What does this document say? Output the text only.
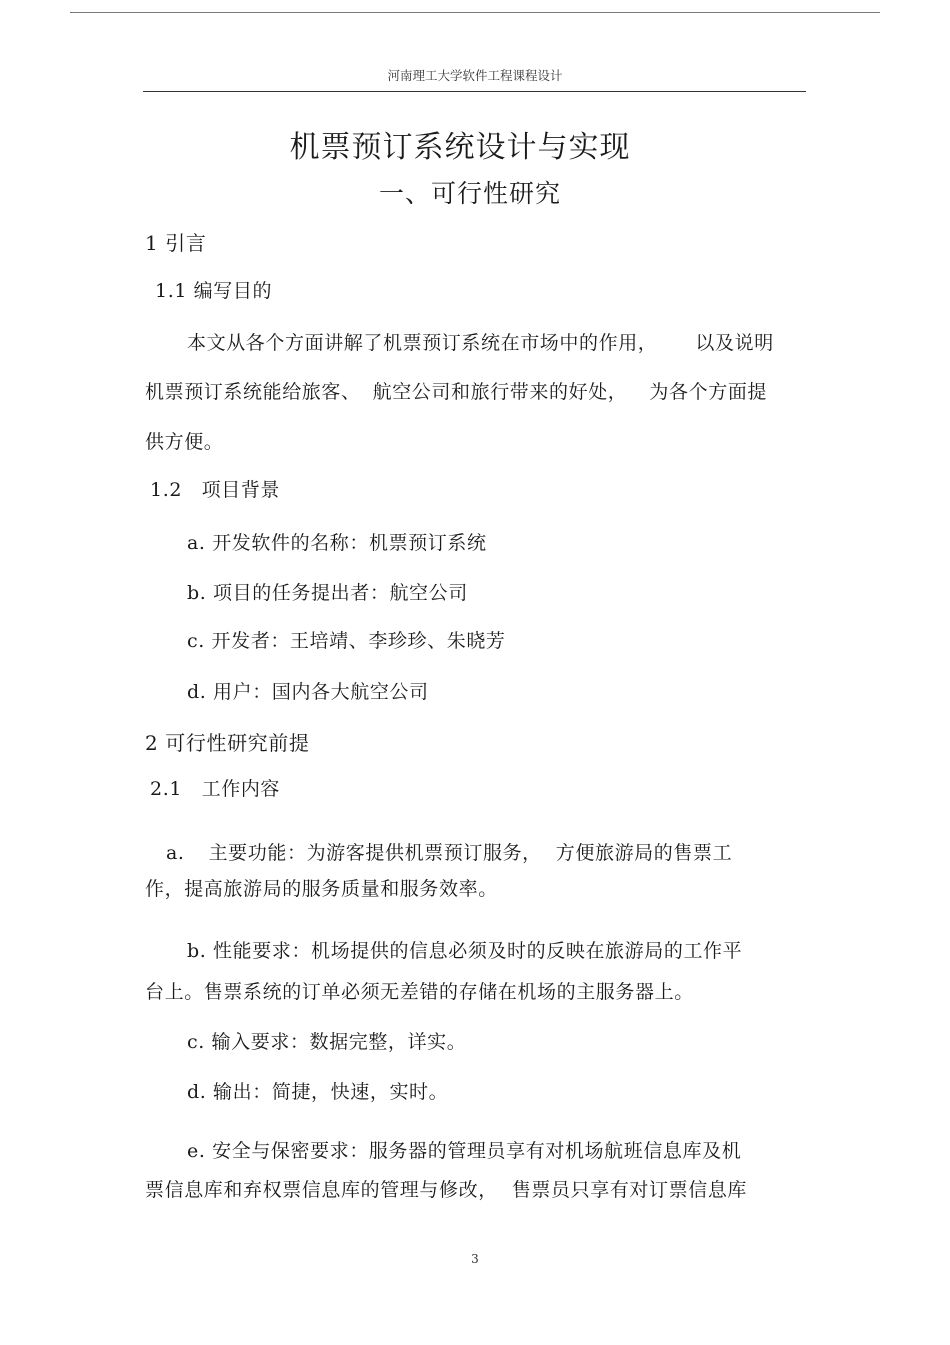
河南理工大学软件工程课程设计
机票预订系统设计与实现
一、可行性研究
1 引言
1.1 编写目的
本文从各个方面讲解了机票预订系统在市场中的作用， 以及说明
机票预订系统能给旅客、 航空公司和旅行带来的好处， 为各个方面提
供方便。
1.2　项目背景
a. 开发软件的名称：机票预订系统
b. 项目的任务提出者：航空公司
c. 开发者：王培靖、李珍珍、朱晓芳
d. 用户：国内各大航空公司
2 可行性研究前提
2.1　工作内容
a. 主要功能：为游客提供机票预订服务， 方便旅游局的售票工
作，提高旅游局的服务质量和服务效率。
b. 性能要求：机场提供的信息必须及时的反映在旅游局的工作平
台上。售票系统的订单必须无差错的存储在机场的主服务器上。
c. 输入要求：数据完整，详实。
d. 输出：简捷，快速，实时。
e. 安全与保密要求：服务器的管理员享有对机场航班信息库及机
票信息库和弃权票信息库的管理与修改， 售票员只享有对订票信息库
3
